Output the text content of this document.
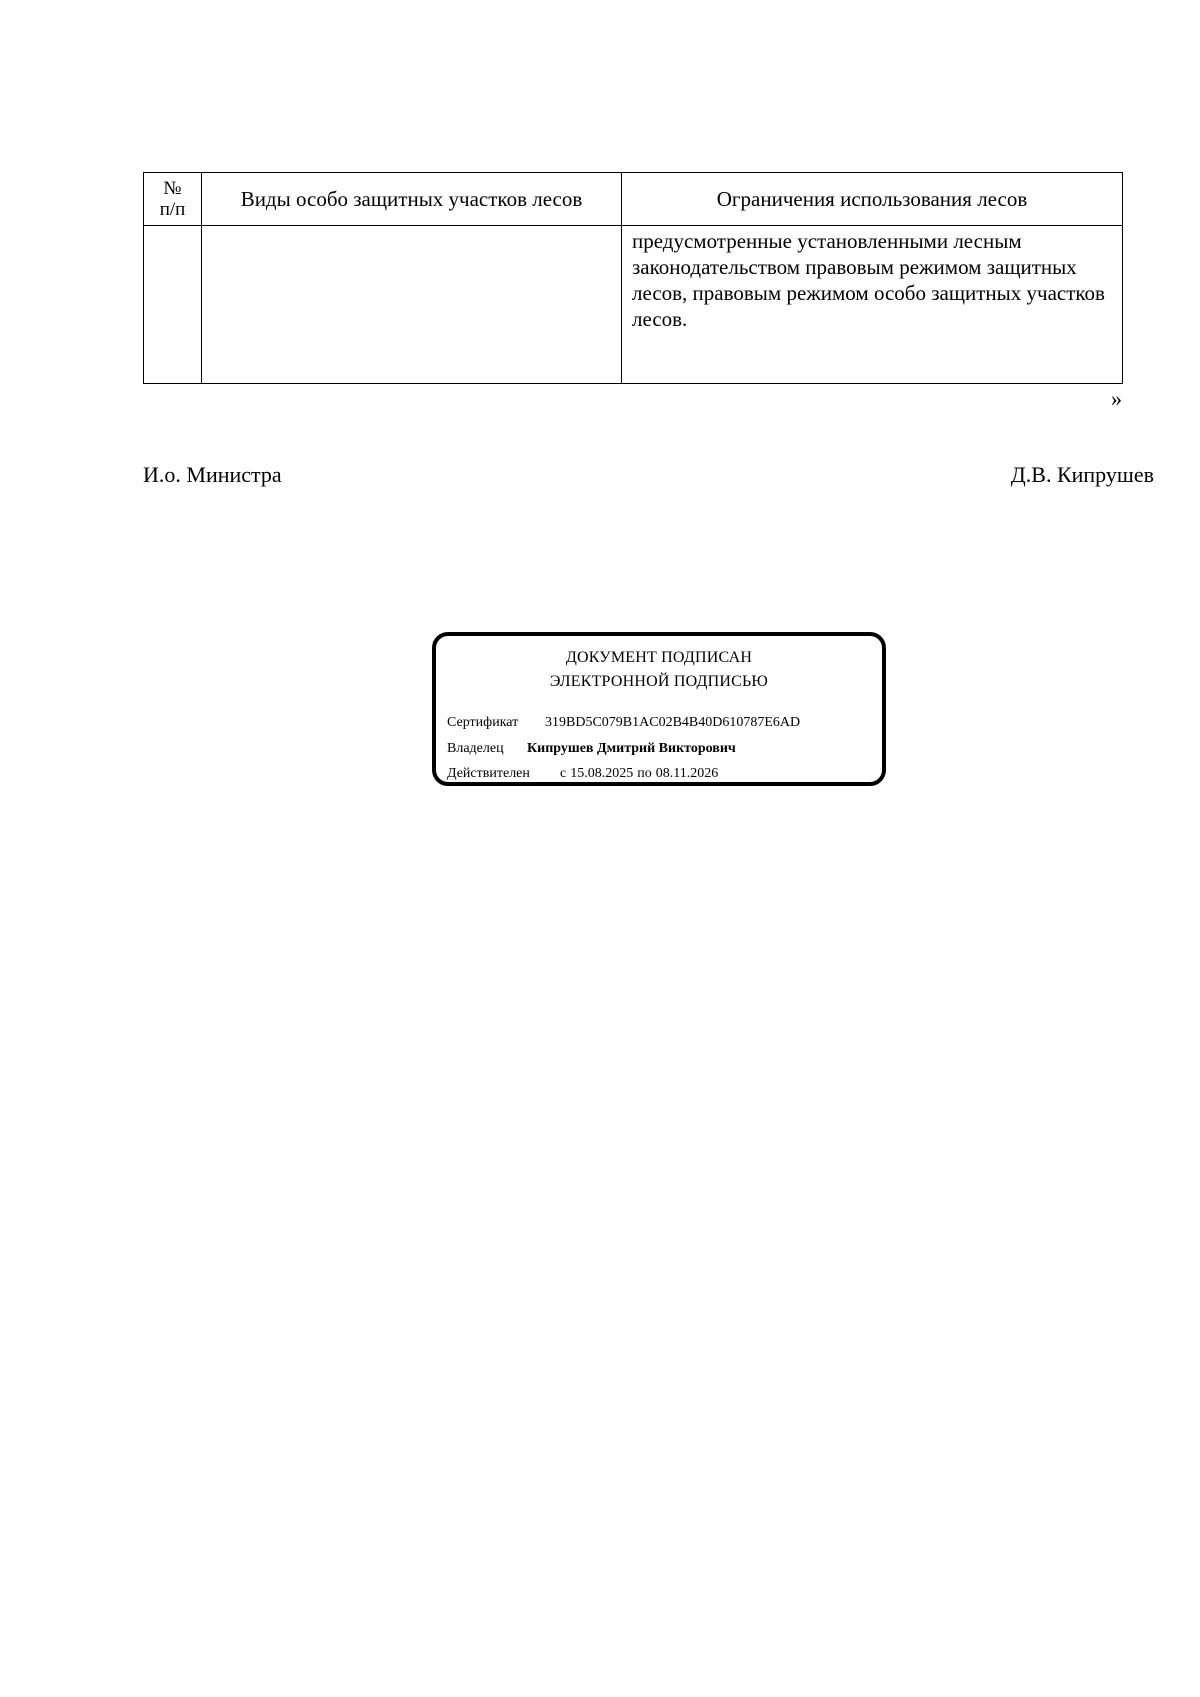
№
п/п	Виды особо защитных участков лесов	Ограничения использования лесов

		предусмотренные установленными лесным законодательством правовым режимом защитных лесов, правовым режимом особо защитных участков лесов.
»
И.о. Министра	Д.В. Кипрушев
ДОКУМЕНТ ПОДПИСАН
ЭЛЕКТРОННОЙ ПОДПИСЬЮ
Сертификат 319BD5C079B1AC02B4B40D610787E6AD
Владелец Кипрушев Дмитрий Викторович
Действителен с 15.08.2025 по 08.11.2026
